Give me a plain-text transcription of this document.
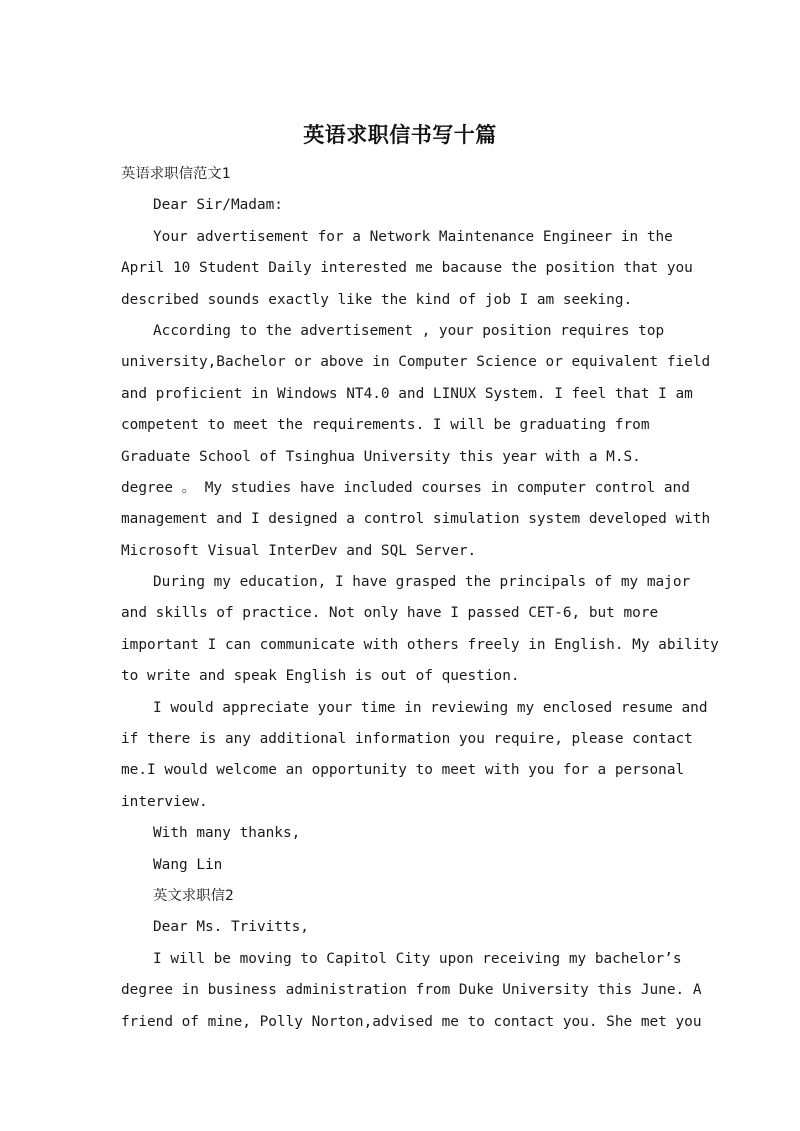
英语求职信书写十篇
英语求职信范文1
Dear Sir/Madam:
Your advertisement for a Network Maintenance Engineer in the
April 10 Student Daily interested me bacause the position that you
described sounds exactly like the kind of job I am seeking.
According to the advertisement , your position requires top
university,Bachelor or above in Computer Science or equivalent field
and proficient in Windows NT4.0 and LINUX System. I feel that I am
competent to meet the requirements. I will be graduating from
Graduate School of Tsinghua University this year with a M.S.
degree 。 My studies have included courses in computer control and
management and I designed a control simulation system developed with
Microsoft Visual InterDev and SQL Server.
During my education, I have grasped the principals of my major
and skills of practice. Not only have I passed CET-6, but more
important I can communicate with others freely in English. My ability
to write and speak English is out of question.
I would appreciate your time in reviewing my enclosed resume and
if there is any additional information you require, please contact
me.I would welcome an opportunity to meet with you for a personal
interview.
With many thanks,
Wang Lin
英文求职信2
Dear Ms. Trivitts,
I will be moving to Capitol City upon receiving my bachelor’s
degree in business administration from Duke University this June. A
friend of mine, Polly Norton,advised me to contact you. She met you
